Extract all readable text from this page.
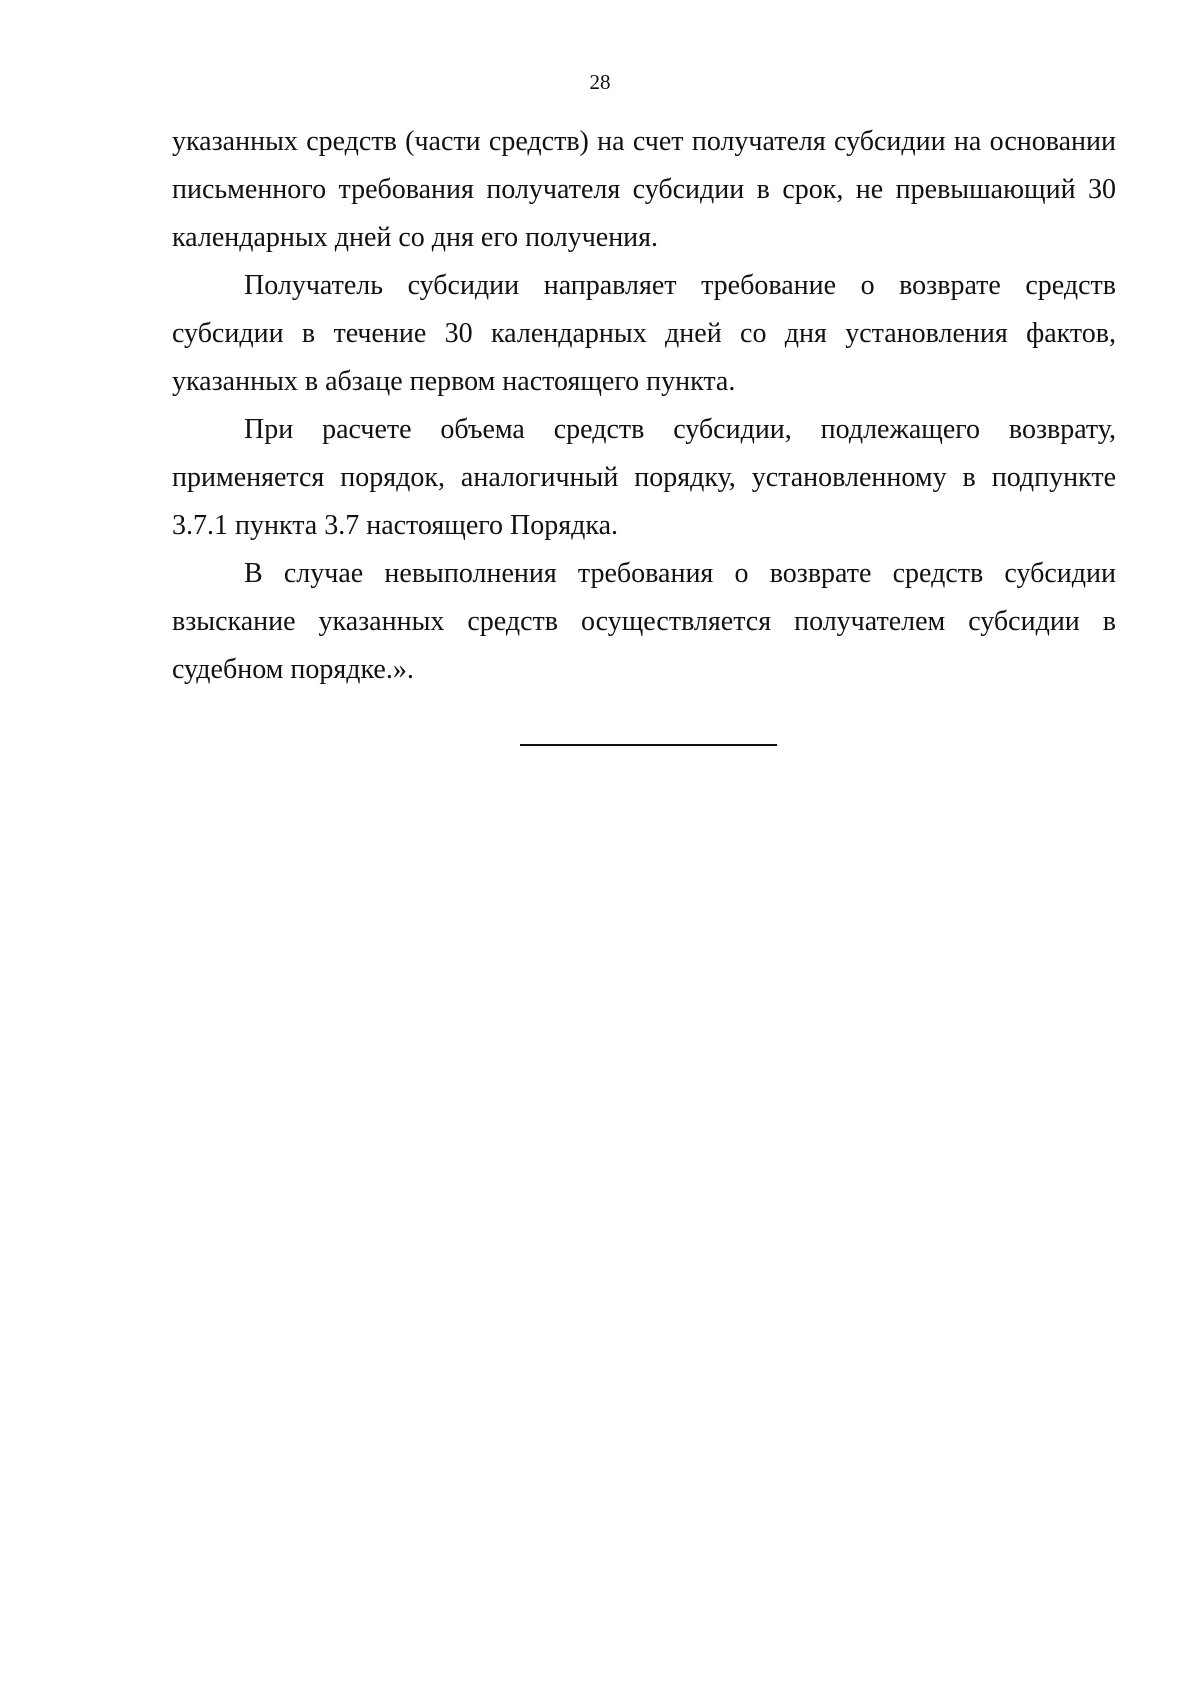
28

указанных средств (части средств) на счет получателя субсидии на основании письменного требования получателя субсидии в срок, не превышающий 30 календарных дней со дня его получения.

Получатель субсидии направляет требование о возврате средств субсидии в течение 30 календарных дней со дня установления фактов, указанных в абзаце первом настоящего пункта.

При расчете объема средств субсидии, подлежащего возврату, применяется порядок, аналогичный порядку, установленному в подпункте 3.7.1 пункта 3.7 настоящего Порядка.

В случае невыполнения требования о возврате средств субсидии взыскание указанных средств осуществляется получателем субсидии в судебном порядке.».
